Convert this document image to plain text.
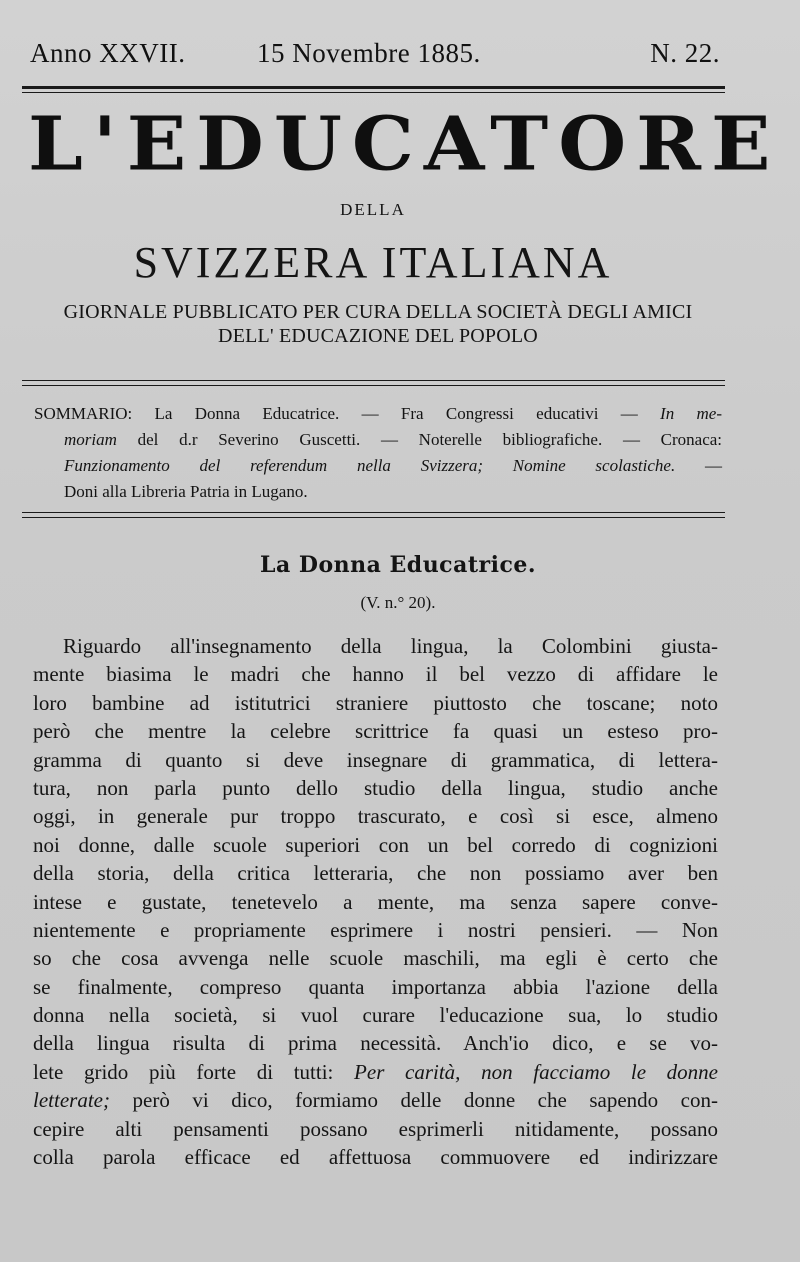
Anno XXVII.	15 Novembre 1885.	N. 22.
L'EDUCATORE
DELLA
SVIZZERA ITALIANA
GIORNALE PUBBLICATO PER CURA DELLA SOCIETÀ DEGLI AMICI
DELL' EDUCAZIONE DEL POPOLO
SOMMARIO: La Donna Educatrice. — Fra Congressi educativi — In me-
moriam del d.r Severino Guscetti. — Noterelle bibliografiche. — Cronaca:
Funzionamento del referendum nella Svizzera; Nomine scolastiche. —
Doni alla Libreria Patria in Lugano.
La Donna Educatrice.
(V. n.° 20).
Riguardo all'insegnamento della lingua, la Colombini giusta-
mente biasima le madri che hanno il bel vezzo di affidare le
loro bambine ad istitutrici straniere piuttosto che toscane; noto
però che mentre la celebre scrittrice fa quasi un esteso pro-
gramma di quanto si deve insegnare di grammatica, di lettera-
tura, non parla punto dello studio della lingua, studio anche
oggi, in generale pur troppo trascurato, e così si esce, almeno
noi donne, dalle scuole superiori con un bel corredo di cognizioni
della storia, della critica letteraria, che non possiamo aver ben
intese e gustate, tenetevelo a mente, ma senza sapere conve-
nientemente e propriamente esprimere i nostri pensieri. — Non
so che cosa avvenga nelle scuole maschili, ma egli è certo che
se finalmente, compreso quanta importanza abbia l'azione della
donna nella società, si vuol curare l'educazione sua, lo studio
della lingua risulta di prima necessità. Anch'io dico, e se vo-
lete grido più forte di tutti: Per carità, non facciamo le donne
letterate; però vi dico, formiamo delle donne che sapendo con-
cepire alti pensamenti possano esprimerli nitidamente, possano
colla parola efficace ed affettuosa commuovere ed indirizzare
